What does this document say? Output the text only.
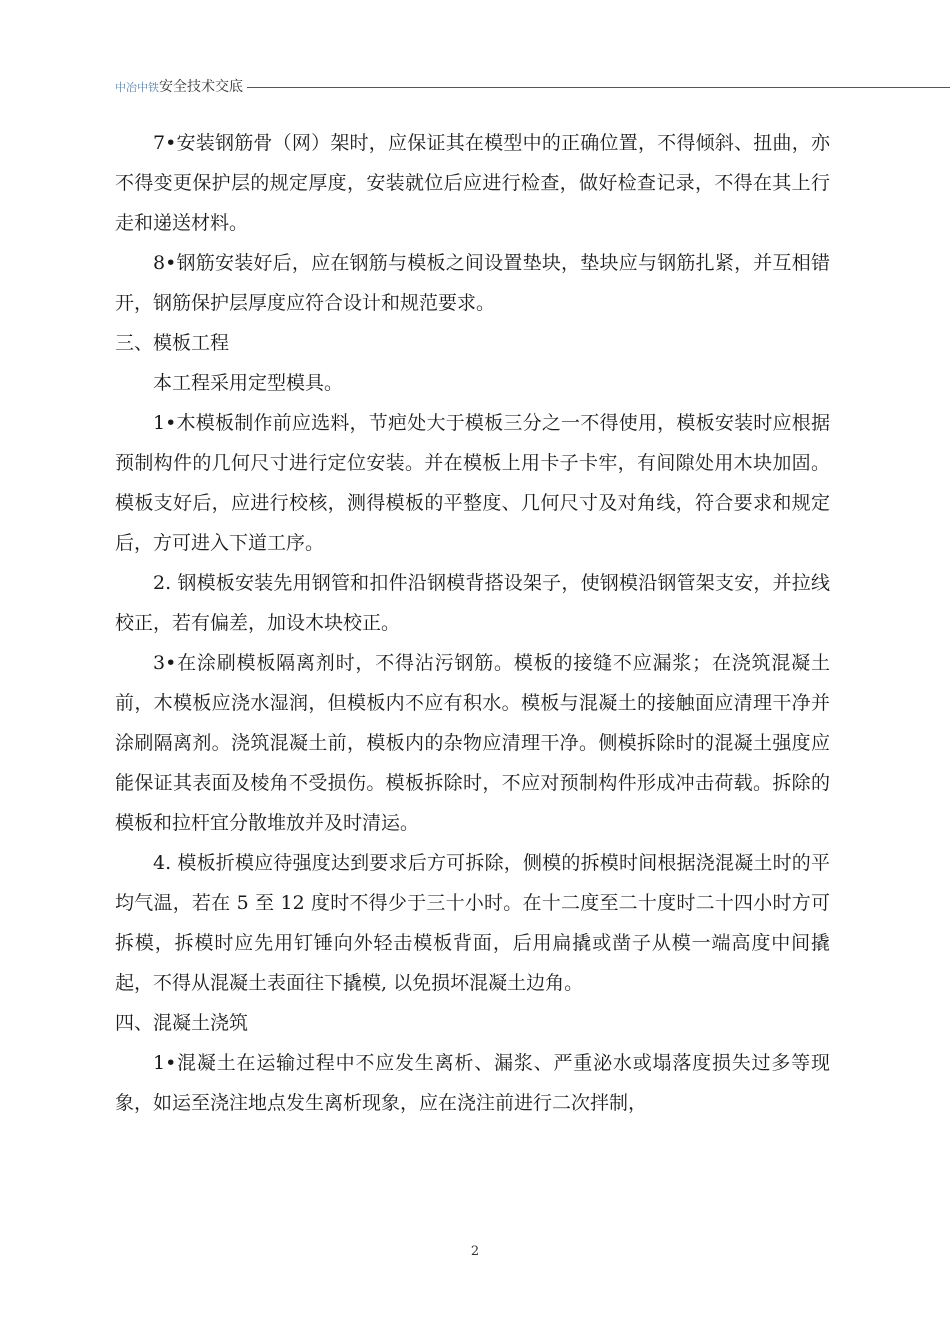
中冶中铁安全技术交底

7•安装钢筋骨（网）架时，应保证其在模型中的正确位置，不得倾斜、扭曲，亦不得变更保护层的规定厚度，安装就位后应进行检查，做好检查记录，不得在其上行走和递送材料。

8•钢筋安装好后，应在钢筋与模板之间设置垫块，垫块应与钢筋扎紧，并互相错开，钢筋保护层厚度应符合设计和规范要求。

三、模板工程

本工程采用定型模具。

1•木模板制作前应选料，节疤处大于模板三分之一不得使用，模板安装时应根据预制构件的几何尺寸进行定位安装。并在模板上用卡子卡牢，有间隙处用木块加固。模板支好后，应进行校核，测得模板的平整度、几何尺寸及对角线，符合要求和规定后，方可进入下道工序。

2. 钢模板安装先用钢管和扣件沿钢模背搭设架子，使钢模沿钢管架支安，并拉线校正，若有偏差，加设木块校正。

3•在涂刷模板隔离剂时，不得沾污钢筋。模板的接缝不应漏浆；在浇筑混凝土前，木模板应浇水湿润，但模板内不应有积水。模板与混凝土的接触面应清理干净并涂刷隔离剂。浇筑混凝土前，模板内的杂物应清理干净。侧模拆除时的混凝土强度应能保证其表面及棱角不受损伤。模板拆除时，不应对预制构件形成冲击荷载。拆除的模板和拉杆宜分散堆放并及时清运。

4. 模板折模应待强度达到要求后方可拆除，侧模的拆模时间根据浇混凝土时的平均气温，若在 5 至 12 度时不得少于三十小时。在十二度至二十度时二十四小时方可拆模，拆模时应先用钉锤向外轻击模板背面，后用扁撬或凿子从模一端高度中间撬起，不得从混凝土表面往下撬模, 以免损坏混凝土边角。

四、混凝土浇筑

1•混凝土在运输过程中不应发生离析、漏浆、严重泌水或塌落度损失过多等现象，如运至浇注地点发生离析现象，应在浇注前进行二次拌制，

2
